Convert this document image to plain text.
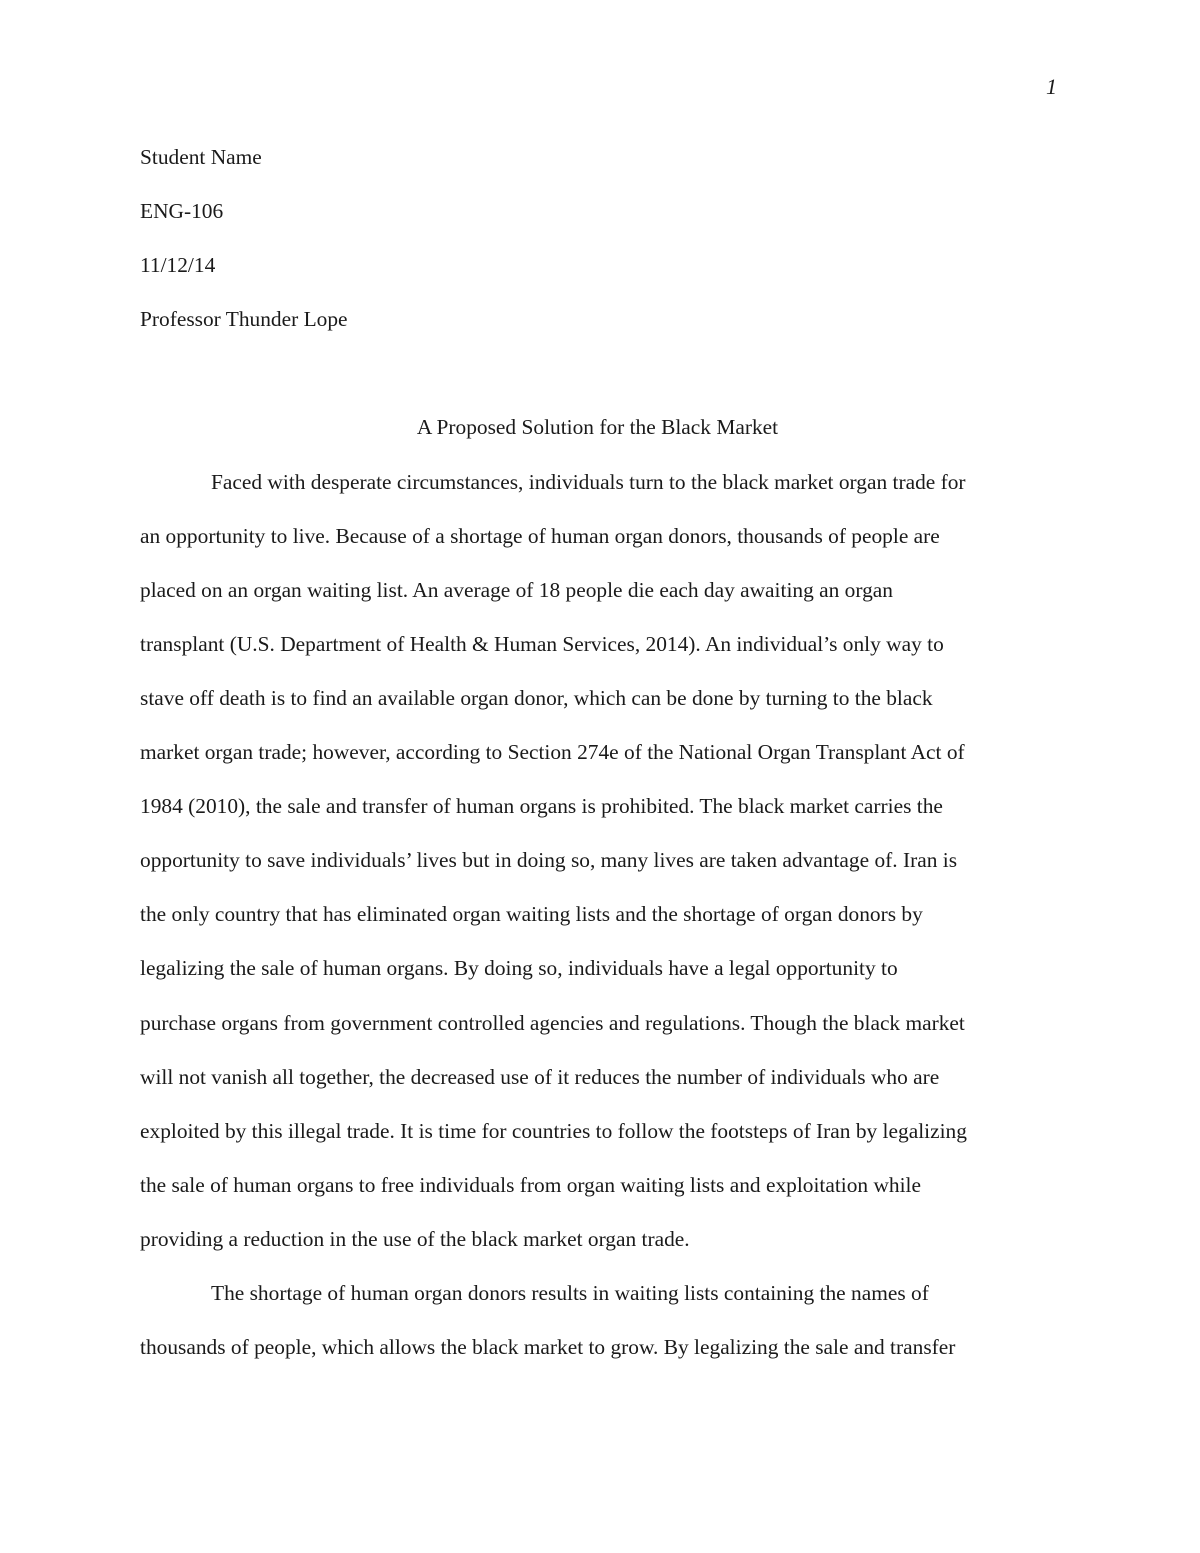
1

Student Name

ENG-106

11/12/14

Professor Thunder Lope

A Proposed Solution for the Black Market

Faced with desperate circumstances, individuals turn to the black market organ trade for

an opportunity to live. Because of a shortage of human organ donors, thousands of people are

placed on an organ waiting list. An average of 18 people die each day awaiting an organ

transplant (U.S. Department of Health & Human Services, 2014). An individual’s only way to

stave off death is to find an available organ donor, which can be done by turning to the black

market organ trade; however, according to Section 274e of the National Organ Transplant Act of

1984 (2010), the sale and transfer of human organs is prohibited. The black market carries the

opportunity to save individuals’ lives but in doing so, many lives are taken advantage of. Iran is

the only country that has eliminated organ waiting lists and the shortage of organ donors by

legalizing the sale of human organs. By doing so, individuals have a legal opportunity to

purchase organs from government controlled agencies and regulations. Though the black market

will not vanish all together, the decreased use of it reduces the number of individuals who are

exploited by this illegal trade. It is time for countries to follow the footsteps of Iran by legalizing

the sale of human organs to free individuals from organ waiting lists and exploitation while

providing a reduction in the use of the black market organ trade.

The shortage of human organ donors results in waiting lists containing the names of

thousands of people, which allows the black market to grow. By legalizing the sale and transfer
